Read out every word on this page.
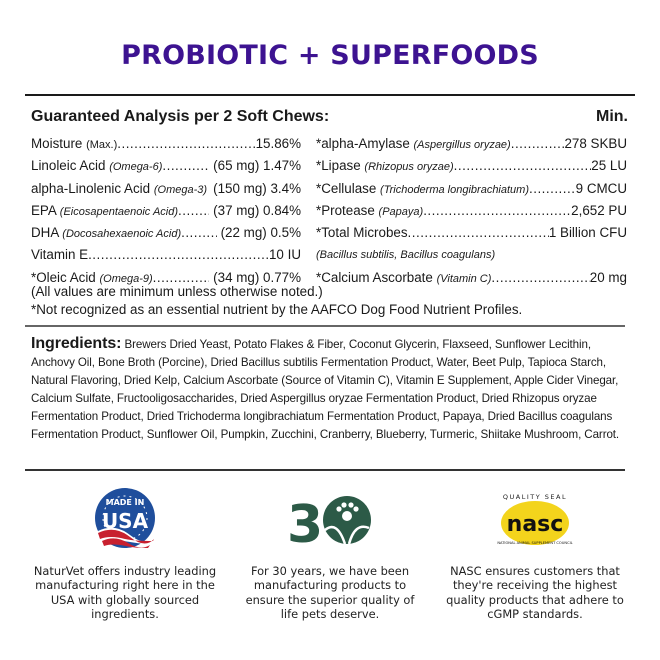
PROBIOTIC + SUPERFOODS
Guaranteed Analysis per 2 Soft Chews:	Min.
Moisture (Max.) .....	15.86%
Linoleic Acid (Omega-6) .....	(65 mg) 1.47%
alpha-Linolenic Acid (Omega-3) (150 mg) 3.4%
EPA (Eicosapentaenoic Acid) .....	(37 mg) 0.84%
DHA (Docosahexaenoic Acid) .....	(22 mg) 0.5%
Vitamin E .....	10 IU
*Oleic Acid (Omega-9) .....	(34 mg) 0.77%
*alpha-Amylase (Aspergillus oryzae) .....	278 SKBU
*Lipase (Rhizopus oryzae) .....	25 LU
*Cellulase (Trichoderma longibrachiatum) .....	9 CMCU
*Protease (Papaya) .....	2,652 PU
*Total Microbes .....	1 Billion CFU
(Bacillus subtilis, Bacillus coagulans)
*Calcium Ascorbate (Vitamin C) .....	20 mg
(All values are minimum unless otherwise noted.)
*Not recognized as an essential nutrient by the AAFCO Dog Food Nutrient Profiles.
Ingredients: Brewers Dried Yeast, Potato Flakes & Fiber, Coconut Glycerin, Flaxseed, Sunflower Lecithin, Anchovy Oil, Bone Broth (Porcine), Dried Bacillus subtilis Fermentation Product, Water, Beet Pulp, Tapioca Starch, Natural Flavoring, Dried Kelp, Calcium Ascorbate (Source of Vitamin C), Vitamin E Supplement, Apple Cider Vinegar, Calcium Sulfate, Fructooligosaccharides, Dried Aspergillus oryzae Fermentation Product, Dried Rhizopus oryzae Fermentation Product, Dried Trichoderma longibrachiatum Fermentation Product, Papaya, Dried Bacillus coagulans Fermentation Product, Sunflower Oil, Pumpkin, Zucchini, Cranberry, Blueberry, Turmeric, Shiitake Mushroom, Carrot.
MADE IN
USA
NaturVet offers industry leading manufacturing right here in the USA with globally sourced ingredients.
3
For 30 years, we have been manufacturing products to ensure the superior quality of life pets deserve.
QUALITY SEAL
nasc
NATIONAL ANIMAL SUPPLEMENT COUNCIL
NASC ensures customers that they're receiving the highest quality products that adhere to cGMP standards.
